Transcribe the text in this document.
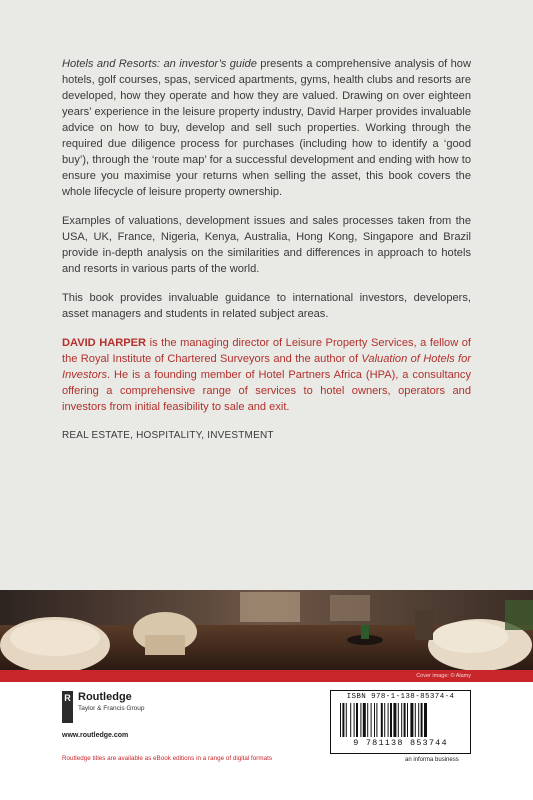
Hotels and Resorts: an investor’s guide presents a comprehensive analysis of how hotels, golf courses, spas, serviced apartments, gyms, health clubs and resorts are developed, how they operate and how they are valued. Drawing on over eighteen years’ experience in the leisure property industry, David Harper provides invaluable advice on how to buy, develop and sell such properties. Working through the required due diligence process for purchases (including how to identify a ‘good buy’), through the ‘route map’ for a successful development and ending with how to ensure you maximise your returns when selling the asset, this book covers the whole lifecycle of leisure property ownership.

Examples of valuations, development issues and sales processes taken from the USA, UK, France, Nigeria, Kenya, Australia, Hong Kong, Singapore and Brazil provide in-depth analysis on the similarities and differences in approach to hotels and resorts in various parts of the world.

This book provides invaluable guidance to international investors, developers, asset managers and students in related subject areas.

DAVID HARPER is the managing director of Leisure Property Services, a fellow of the Royal Institute of Chartered Surveyors and the author of Valuation of Hotels for Investors. He is a founding member of Hotel Partners Africa (HPA), a consultancy offering a comprehensive range of services to hotel owners, operators and investors from initial feasibility to sale and exit.

REAL ESTATE, HOSPITALITY, INVESTMENT

Cover image: © Alamy
R Routledge
Taylor & Francis Group
www.routledge.com
Routledge titles are available as eBook editions in a range of digital formats
ISBN 978-1-138-85374-4
9 781138 853744
an informa business
